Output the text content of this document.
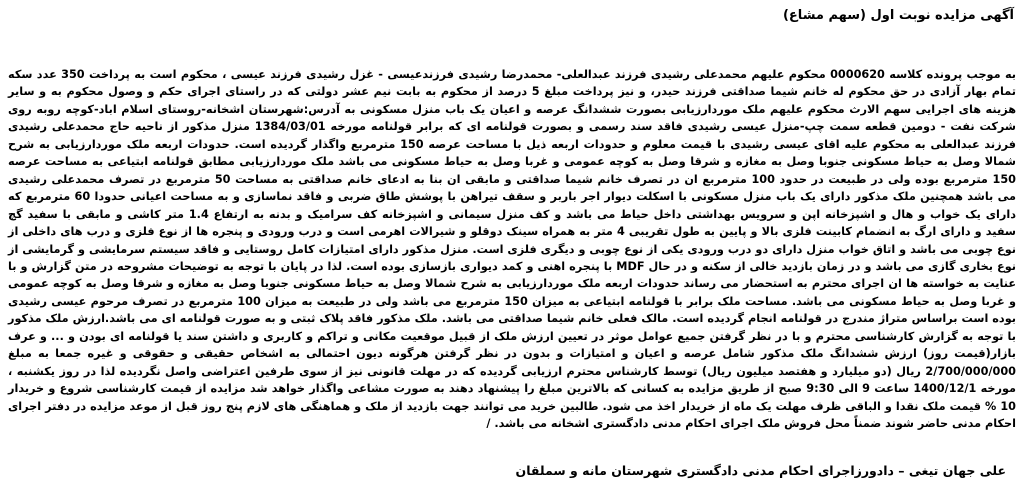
آگهی مزایده نوبت اول (سهم مشاع)

به موجب پرونده کلاسه 0000620 محکوم علیهم محمدعلی رشیدی فرزند عبدالعلی- محمدرضا رشیدی فرزندعیسی - غزل رشیدی فرزند عیسی ، محکوم است به پرداخت 350 عدد سکه تمام بهار آزادی در حق محکوم له خانم شیما صداقتی فرزند حیدر، و نیز پرداخت مبلغ 5 درصد از محکوم به بابت نیم عشر دولتی که در راستای اجرای حکم و وصول محکوم به و سایر هزینه های اجرایی سهم الارث محکوم علیهم ملک موردارزیابی بصورت ششدانگ عرصه و اعیان یک باب منزل مسکونی به آدرس:شهرستان اشخانه-روستای اسلام اباد-کوچه روبه روی شرکت نفت - دومین قطعه سمت چپ-منزل عیسی رشیدی فاقد سند رسمی و بصورت قولنامه ای که برابر قولنامه مورخه 1384/03/01 منزل مذکور از ناحیه حاج محمدعلی رشیدی فرزند عبدالعلی به محکوم علیه اقای عیسی رشیدی با قیمت معلوم و حدودات اربعه ذیل با مساحت عرصه 150 مترمربع واگذار گردیده است. حدودات اربعه ملک موردارزیابی به شرح شمالا وصل به حیاط مسکونی جنوبا وصل به مغازه و شرقا وصل به کوچه عمومی و غربا وصل به حیاط مسکونی می باشد ملک موردارزیابی مطابق قولنامه ابتیاعی به مساحت عرصه 150 مترمربع بوده ولی در طبیعت در حدود 100 مترمربع ان در تصرف خانم شیما صداقتی و مابقی ان بنا به ادعای خانم صداقتی به مساحت 50 مترمربع در تصرف محمدعلی رشیدی می باشد همچنین ملک مذکور دارای یک باب منزل مسکونی با اسکلت دیوار اجر باربر و سقف تیراهن با پوشش طاق ضربی و فاقد نماسازی و به مساحت اعیانی حدودا 60 مترمربع که دارای یک خواب و هال و اشپزخانه اپن و سرویس بهداشتی داخل حیاط می باشد و کف منزل سیمانی و اشپزخانه کف سرامیک و بدنه به ارتفاع 1.4 متر کاشی و مابقی با سفید گچ سفید و دارای ارگ به انضمام کابینت فلزی بالا و پایین به طول تقریبی 4 متر به همراه سینک دوقلو و شیرالات اهرمی است و درب ورودی و پنجره ها از نوع فلزی و درب های داخلی از نوع چوبی می باشد و اتاق خواب منزل دارای دو درب ورودی یکی از نوع چوبی و دیگری فلزی است. منزل مذکور دارای امتیازات کامل روستایی و فاقد سیستم سرمایشی و گرمایشی از نوع بخاری گازی می باشد و در زمان بازدید خالی از سکنه و در حال MDF با پنجره اهنی و کمد دیواری بازسازی بوده است. لذا در پایان با توجه به توضیحات مشروحه در متن گزارش و با عنایت به خواسته ها ان اجرای محترم به استحضار می رساند حدودات اربعه ملک موردارزیابی به شرح شمالا وصل به حیاط مسکونی جنوبا وصل به مغازه و شرقا وصل به کوچه عمومی و غربا وصل به حیاط مسکونی می باشد. مساحت ملک برابر با قولنامه ابتیاعی به میزان 150 مترمربع می باشد ولی در طبیعت به میزان 100 مترمربع در تصرف مرحوم عیسی رشیدی بوده است براساس متراژ مندرج در قولنامه انجام گردیده است. مالک فعلی خانم شیما صداقتی می باشد. ملک مذکور فاقد پلاک ثبتی و به صورت قولنامه ای می باشد.ارزش ملک مذکور با توجه به گزارش کارشناسی محترم و با در نظر گرفتن جمیع عوامل موثر در تعیین ارزش ملک از قبیل موقعیت مکانی و تراکم و کاربری و داشتن سند یا قولنامه ای بودن و ... و عرف بازار(قیمت روز) ارزش ششدانگ ملک مذکور شامل عرصه و اعیان و امتیازات و بدون در نظر گرفتن هرگونه دیون احتمالی به اشخاص حقیقی و حقوقی و غیره جمعا به مبلغ 2/700/000/000 ریال (دو میلیارد و هفتصد میلیون ریال) توسط کارشناس محترم ارزیابی گردیده که در مهلت قانونی نیز از سوی طرفین اعتراضی واصل نگردیده لذا در روز یکشنبه ، مورخه 1400/12/1 ساعت 9 الی 9:30 صبح از طریق مزایده به کسانی که بالاترین مبلغ را پیشنهاد دهند به صورت مشاعی واگذار خواهد شد مزایده از قیمت کارشناسی شروع و خریدار 10 % قیمت ملک نقدا و الباقی ظرف مهلت یک ماه از خریدار اخذ می شود. طالبین خرید می توانند جهت بازدید از ملک و هماهنگی های لازم پنج روز قبل از موعد مزایده در دفتر اجرای احکام مدنی حاضر شوند ضمناً محل فروش ملک اجرای احکام مدنی دادگستری اشخانه می باشد. /

علی جهان تیغی – دادورزاجرای احکام مدنی دادگستری شهرستان مانه و سملقان
